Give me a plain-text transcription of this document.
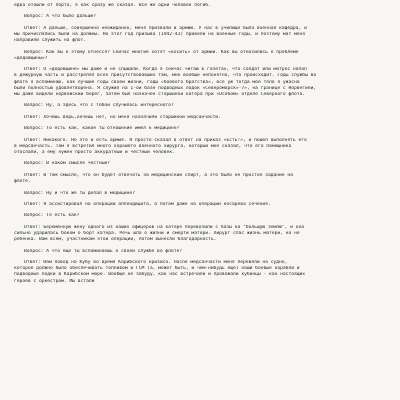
едва отошли от порта, я как сразу же сказал. Все же одни человек погиб.
Вопрос: А что было дальше?
Ответ: А дальше, совершенно неожиданно, меня призвали в армию. У нас в училище была военная кафедра, и
мы причислялись были на должны. Но этот год призыва (1942-43) привели на военные годы, и поэтому мат меня
направили служить на флот.
Вопрос: Как вы к этому отнесся? Сейчас многие хотят «косить» от армии. Как вы относились к проблеме
«дедовщины»?
Ответ: О «дедовщине» мы даже и не слышали. Когда я сейчас читаю в газетах, что солдат или матрос напал
в дежурную часть и расстрелял всех присутствовавших там, мне вообще непонятно, что происходит. Годы службы во
флоте я вспоминаю, как лучшие годы своей жизни, годы «боевого братства», все уж тогда мое тело я ужасно
были полностью удовлетворена. Я служил на 1-ой базе подводных лодок «Североморск»-7», на границе с Норвегией,
мы даже видели норвежский берег, затем был назначен старшиной катера при «Особом» отделе Северного флота.
Вопрос: Ну, а здесь что с тобой случилось интересного?
Ответ: Хочешь верь,хочешь нет, но меня назначили старшиной медсанчасти.
Вопрос: То есть как, какое ты отношение имел к медицине?
Ответ: Никакого. Но это и есть армия. Я просто сказал в ответ на приказ «Есть!», и пошел выполнять его
в медсанчасть. Там я встретил много хорошего военного хирурга, который мне сказал, что его помощника
отослали, а ему нужен просто аккуратный и честный человек.
Вопрос: В каком смысле честный?
Ответ: В том смысле, что он будет отвечать за медицинский спирт, а это было не простое задание на
флоте.
Вопрос: Ну и что же ты делал в медицине?
Ответ: Я ассистировал на операции аппендицита, а потом даже на операции кесарева сечения.
Вопрос: То есть как?
Ответ: Беременную жену одного из наших офицеров на катере перевозили с базы на "большую землю", и она
сильно ударилась боком о борт катера. Речь шла о жизни и смерти матери. Хирург спас жизнь матери, но не
ребенка. Вам всем, участникам этой операции, потом вынесли благодарность.
Вопрос: А что еще ты вспоминаешь о своей службе во флоте?
Ответ: Нам повод на Кубу во время Карибского кризиса. После медсанчасти меня перевели на судно,
которое должно было обеспечивать топливом и ГСМ (а, может быть, и чем-нибудь еще) наши боевые корабли и
подводные лодки в Карибском море. Вообще не забуду, как нас встречали и провожали кубинцы - как настоящих
героев с оркестром. Мы встали
